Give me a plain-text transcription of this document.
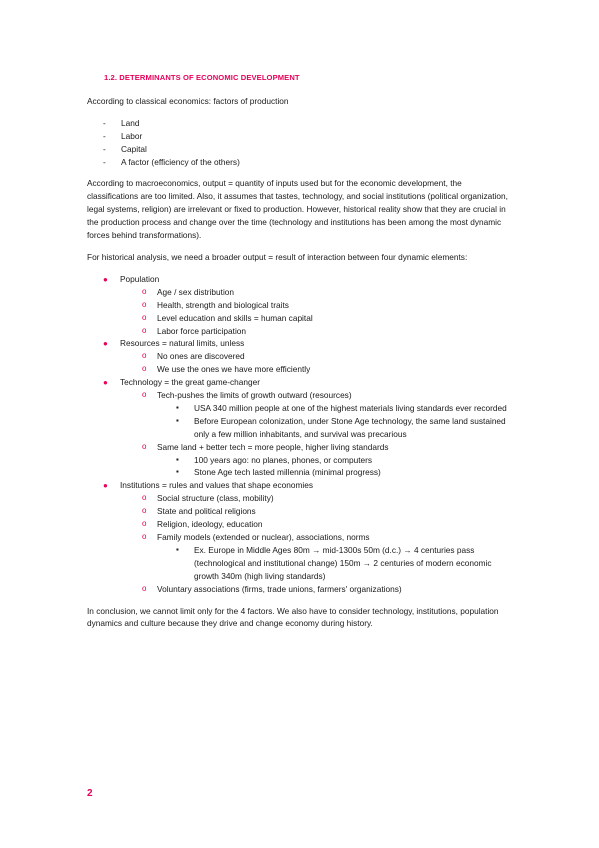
1.2. DETERMINANTS OF ECONOMIC DEVELOPMENT

According to classical economics: factors of production

- Land
- Labor
- Capital
- A factor (efficiency of the others)

According to macroeconomics, output = quantity of inputs used but for the economic development, the classifications are too limited. Also, it assumes that tastes, technology, and social institutions (political organization, legal systems, religion) are irrelevant or fixed to production. However, historical reality show that they are crucial in the production process and change over the time (technology and institutions has been among the most dynamic forces behind transformations).

For historical analysis, we need a broader output = result of interaction between four dynamic elements:

● Population
o Age / sex distribution
o Health, strength and biological traits
o Level education and skills = human capital
o Labor force participation
● Resources = natural limits, unless
o No ones are discovered
o We use the ones we have more efficiently
● Technology = the great game-changer
o Tech-pushes the limits of growth outward (resources)
▪ USA 340 million people at one of the highest materials living standards ever recorded
▪ Before European colonization, under Stone Age technology, the same land sustained only a few million inhabitants, and survival was precarious
o Same land + better tech = more people, higher living standards
▪ 100 years ago: no planes, phones, or computers
▪ Stone Age tech lasted millennia (minimal progress)
● Institutions = rules and values that shape economies
o Social structure (class, mobility)
o State and political religions
o Religion, ideology, education
o Family models (extended or nuclear), associations, norms
▪ Ex. Europe in Middle Ages 80m → mid-1300s 50m (d.c.) → 4 centuries pass (technological and institutional change) 150m → 2 centuries of modern economic growth 340m (high living standards)
o Voluntary associations (firms, trade unions, farmers' organizations)

In conclusion, we cannot limit only for the 4 factors. We also have to consider technology, institutions, population dynamics and culture because they drive and change economy during history.

2
